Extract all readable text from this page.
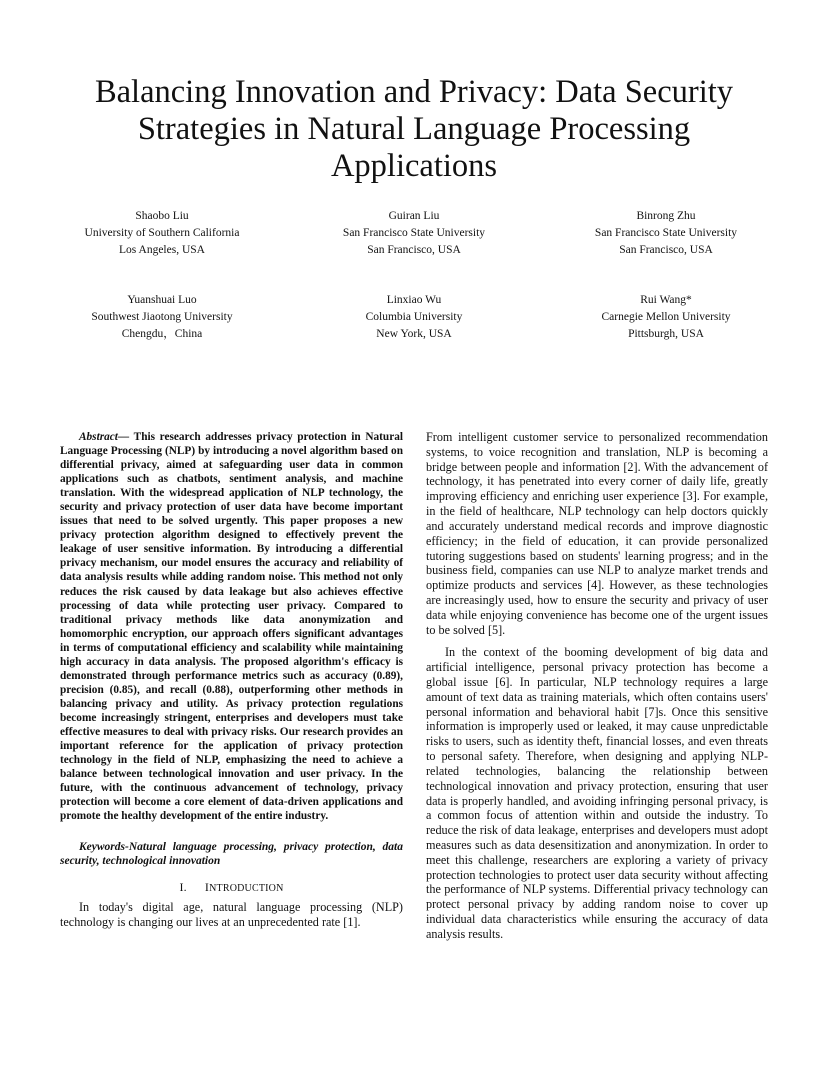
Balancing Innovation and Privacy: Data Security Strategies in Natural Language Processing Applications
Shaobo Liu
University of Southern California
Los Angeles, USA
Guiran Liu
San Francisco State University
San Francisco, USA
Binrong Zhu
San Francisco State University
San Francisco, USA
Yuanshuai Luo
Southwest Jiaotong University
Chengdu，China
Linxiao Wu
Columbia University
New York, USA
Rui Wang*
Carnegie Mellon University
Pittsburgh, USA

Abstract— This research addresses privacy protection in Natural Language Processing (NLP) by introducing a novel algorithm based on differential privacy, aimed at safeguarding user data in common applications such as chatbots, sentiment analysis, and machine translation. With the widespread application of NLP technology, the security and privacy protection of user data have become important issues that need to be solved urgently. This paper proposes a new privacy protection algorithm designed to effectively prevent the leakage of user sensitive information. By introducing a differential privacy mechanism, our model ensures the accuracy and reliability of data analysis results while adding random noise. This method not only reduces the risk caused by data leakage but also achieves effective processing of data while protecting user privacy. Compared to traditional privacy methods like data anonymization and homomorphic encryption, our approach offers significant advantages in terms of computational efficiency and scalability while maintaining high accuracy in data analysis. The proposed algorithm's efficacy is demonstrated through performance metrics such as accuracy (0.89), precision (0.85), and recall (0.88), outperforming other methods in balancing privacy and utility. As privacy protection regulations become increasingly stringent, enterprises and developers must take effective measures to deal with privacy risks. Our research provides an important reference for the application of privacy protection technology in the field of NLP, emphasizing the need to achieve a balance between technological innovation and user privacy. In the future, with the continuous advancement of technology, privacy protection will become a core element of data-driven applications and promote the healthy development of the entire industry.

Keywords-Natural language processing, privacy protection, data security, technological innovation

I. INTRODUCTION

In today's digital age, natural language processing (NLP) technology is changing our lives at an unprecedented rate [1].

From intelligent customer service to personalized recommendation systems, to voice recognition and translation, NLP is becoming a bridge between people and information [2]. With the advancement of technology, it has penetrated into every corner of daily life, greatly improving efficiency and enriching user experience [3]. For example, in the field of healthcare, NLP technology can help doctors quickly and accurately understand medical records and improve diagnostic efficiency; in the field of education, it can provide personalized tutoring suggestions based on students' learning progress; and in the business field, companies can use NLP to analyze market trends and optimize products and services [4]. However, as these technologies are increasingly used, how to ensure the security and privacy of user data while enjoying convenience has become one of the urgent issues to be solved [5].

In the context of the booming development of big data and artificial intelligence, personal privacy protection has become a global issue [6]. In particular, NLP technology requires a large amount of text data as training materials, which often contains users' personal information and behavioral habit [7]s. Once this sensitive information is improperly used or leaked, it may cause unpredictable risks to users, such as identity theft, financial losses, and even threats to personal safety. Therefore, when designing and applying NLP-related technologies, balancing the relationship between technological innovation and privacy protection, ensuring that user data is properly handled, and avoiding infringing personal privacy, is a common focus of attention within and outside the industry. To reduce the risk of data leakage, enterprises and developers must adopt measures such as data desensitization and anonymization. In order to meet this challenge, researchers are exploring a variety of privacy protection technologies to protect user data security without affecting the performance of NLP systems. Differential privacy technology can protect personal privacy by adding random noise to cover up individual data characteristics while ensuring the accuracy of data analysis results.
